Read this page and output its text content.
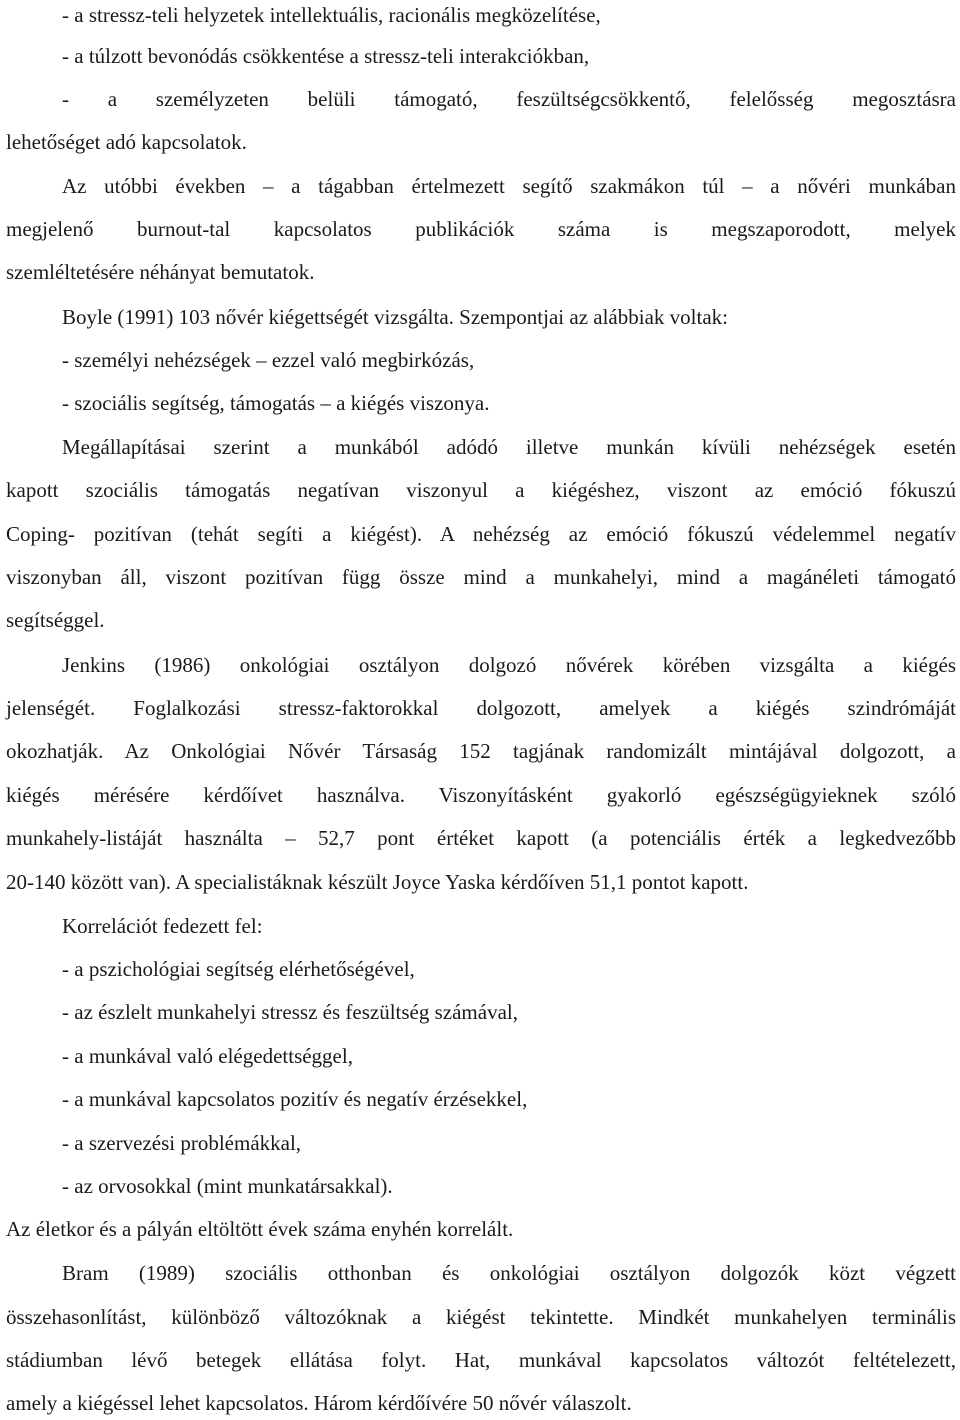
- a stressz-teli helyzetek intellektuális, racionális megközelítése,
- a túlzott bevonódás csökkentése a stressz-teli interakciókban,
- a személyzeten belüli támogató, feszültségcsökkentő, felelősség megosztásra
lehetőséget adó kapcsolatok.
Az utóbbi években – a tágabban értelmezett segítő szakmákon túl – a nővéri munkában
megjelenő burnout-tal kapcsolatos publikációk száma is megszaporodott, melyek
szemléltetésére néhányat bemutatok.
Boyle (1991) 103 nővér kiégettségét vizsgálta. Szempontjai az alábbiak voltak:
- személyi nehézségek – ezzel való megbirkózás,
- szociális segítség, támogatás – a kiégés viszonya.
Megállapításai szerint a munkából adódó illetve munkán kívüli nehézségek esetén
kapott szociális támogatás negatívan viszonyul a kiégéshez, viszont az emóció fókuszú
Coping- pozitívan (tehát segíti a kiégést). A nehézség az emóció fókuszú védelemmel negatív
viszonyban áll, viszont pozitívan függ össze mind a munkahelyi, mind a magánéleti támogató
segítséggel.
Jenkins (1986) onkológiai osztályon dolgozó nővérek körében vizsgálta a kiégés
jelenségét. Foglalkozási stressz-faktorokkal dolgozott, amelyek a kiégés szindrómáját
okozhatják. Az Onkológiai Nővér Társaság 152 tagjának randomizált mintájával dolgozott, a
kiégés mérésére kérdőívet használva. Viszonyításként gyakorló egészségügyieknek szóló
munkahely-listáját használta – 52,7 pont értéket kapott (a potenciális érték a legkedvezőbb
20-140 között van). A specialistáknak készült Joyce Yaska kérdőíven 51,1 pontot kapott.
Korrelációt fedezett fel:
- a pszichológiai segítség elérhetőségével,
- az észlelt munkahelyi stressz és feszültség számával,
- a munkával való elégedettséggel,
- a munkával kapcsolatos pozitív és negatív érzésekkel,
- a szervezési problémákkal,
- az orvosokkal (mint munkatársakkal).
Az életkor és a pályán eltöltött évek száma enyhén korrelált.
Bram (1989) szociális otthonban és onkológiai osztályon dolgozók közt végzett
összehasonlítást, különböző változóknak a kiégést tekintette. Mindkét munkahelyen terminális
stádiumban lévő betegek ellátása folyt. Hat, munkával kapcsolatos változót feltételezett,
amely a kiégéssel lehet kapcsolatos. Három kérdőívére 50 nővér válaszolt.
